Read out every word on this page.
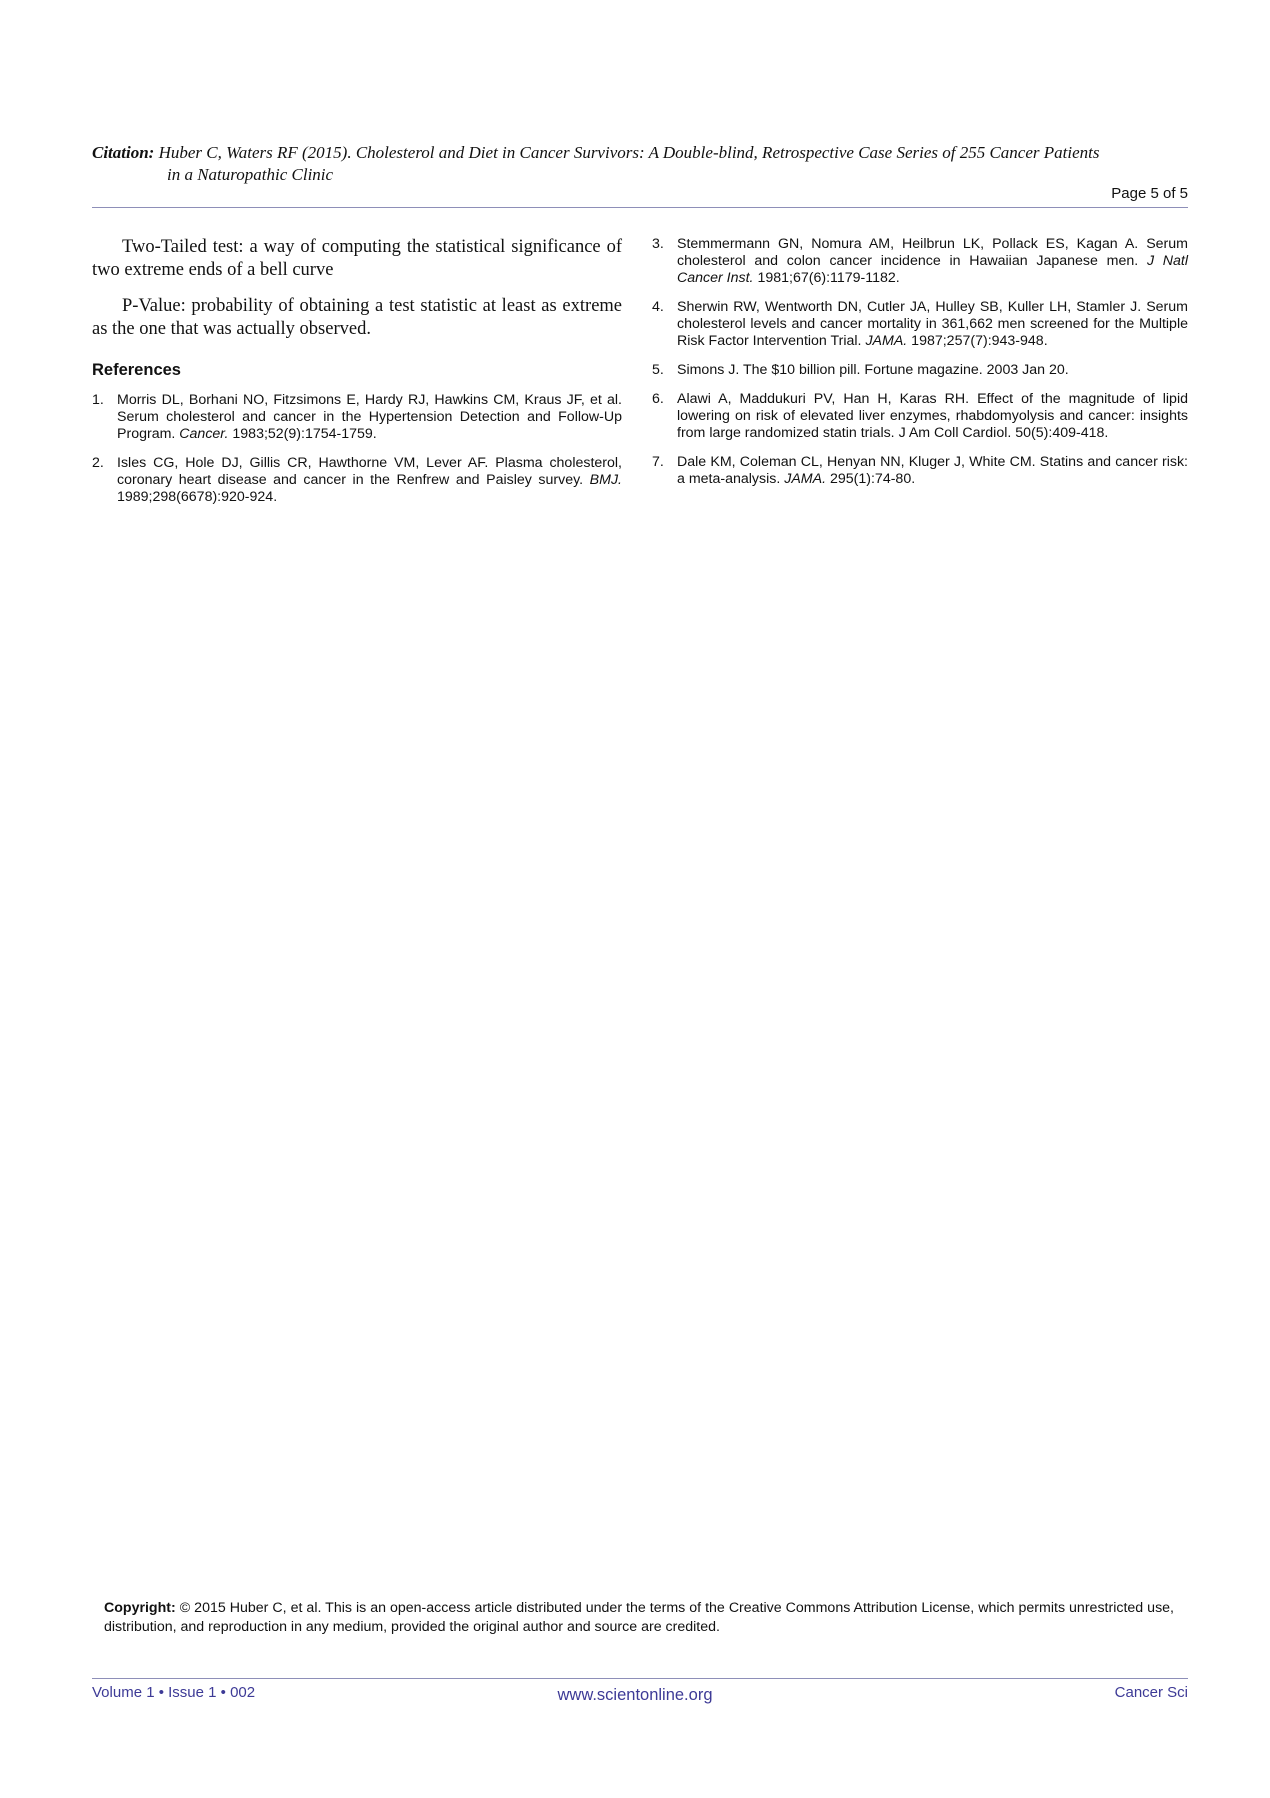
Citation: Huber C, Waters RF (2015). Cholesterol and Diet in Cancer Survivors: A Double-blind, Retrospective Case Series of 255 Cancer Patients
in a Naturopathic Clinic
Page 5 of 5

Two-Tailed test: a way of computing the statistical significance of two extreme ends of a bell curve

P-Value: probability of obtaining a test statistic at least as extreme as the one that was actually observed.

References
1. Morris DL, Borhani NO, Fitzsimons E, Hardy RJ, Hawkins CM, Kraus JF, et al. Serum cholesterol and cancer in the Hypertension Detection and Follow-Up Program. Cancer. 1983;52(9):1754-1759.
2. Isles CG, Hole DJ, Gillis CR, Hawthorne VM, Lever AF. Plasma cholesterol, coronary heart disease and cancer in the Renfrew and Paisley survey. BMJ. 1989;298(6678):920-924.
3. Stemmermann GN, Nomura AM, Heilbrun LK, Pollack ES, Kagan A. Serum cholesterol and colon cancer incidence in Hawaiian Japanese men. J Natl Cancer Inst. 1981;67(6):1179-1182.
4. Sherwin RW, Wentworth DN, Cutler JA, Hulley SB, Kuller LH, Stamler J. Serum cholesterol levels and cancer mortality in 361,662 men screened for the Multiple Risk Factor Intervention Trial. JAMA. 1987;257(7):943-948.
5. Simons J. The $10 billion pill. Fortune magazine. 2003 Jan 20.
6. Alawi A, Maddukuri PV, Han H, Karas RH. Effect of the magnitude of lipid lowering on risk of elevated liver enzymes, rhabdomyolysis and cancer: insights from large randomized statin trials. J Am Coll Cardiol. 50(5):409-418.
7. Dale KM, Coleman CL, Henyan NN, Kluger J, White CM. Statins and cancer risk: a meta-analysis. JAMA. 295(1):74-80.
Copyright: © 2015 Huber C, et al. This is an open-access article distributed under the terms of the Creative Commons Attribution License, which permits unrestricted use, distribution, and reproduction in any medium, provided the original author and source are credited.
Volume 1 • Issue 1 • 002	www.scientonline.org	Cancer Sci
